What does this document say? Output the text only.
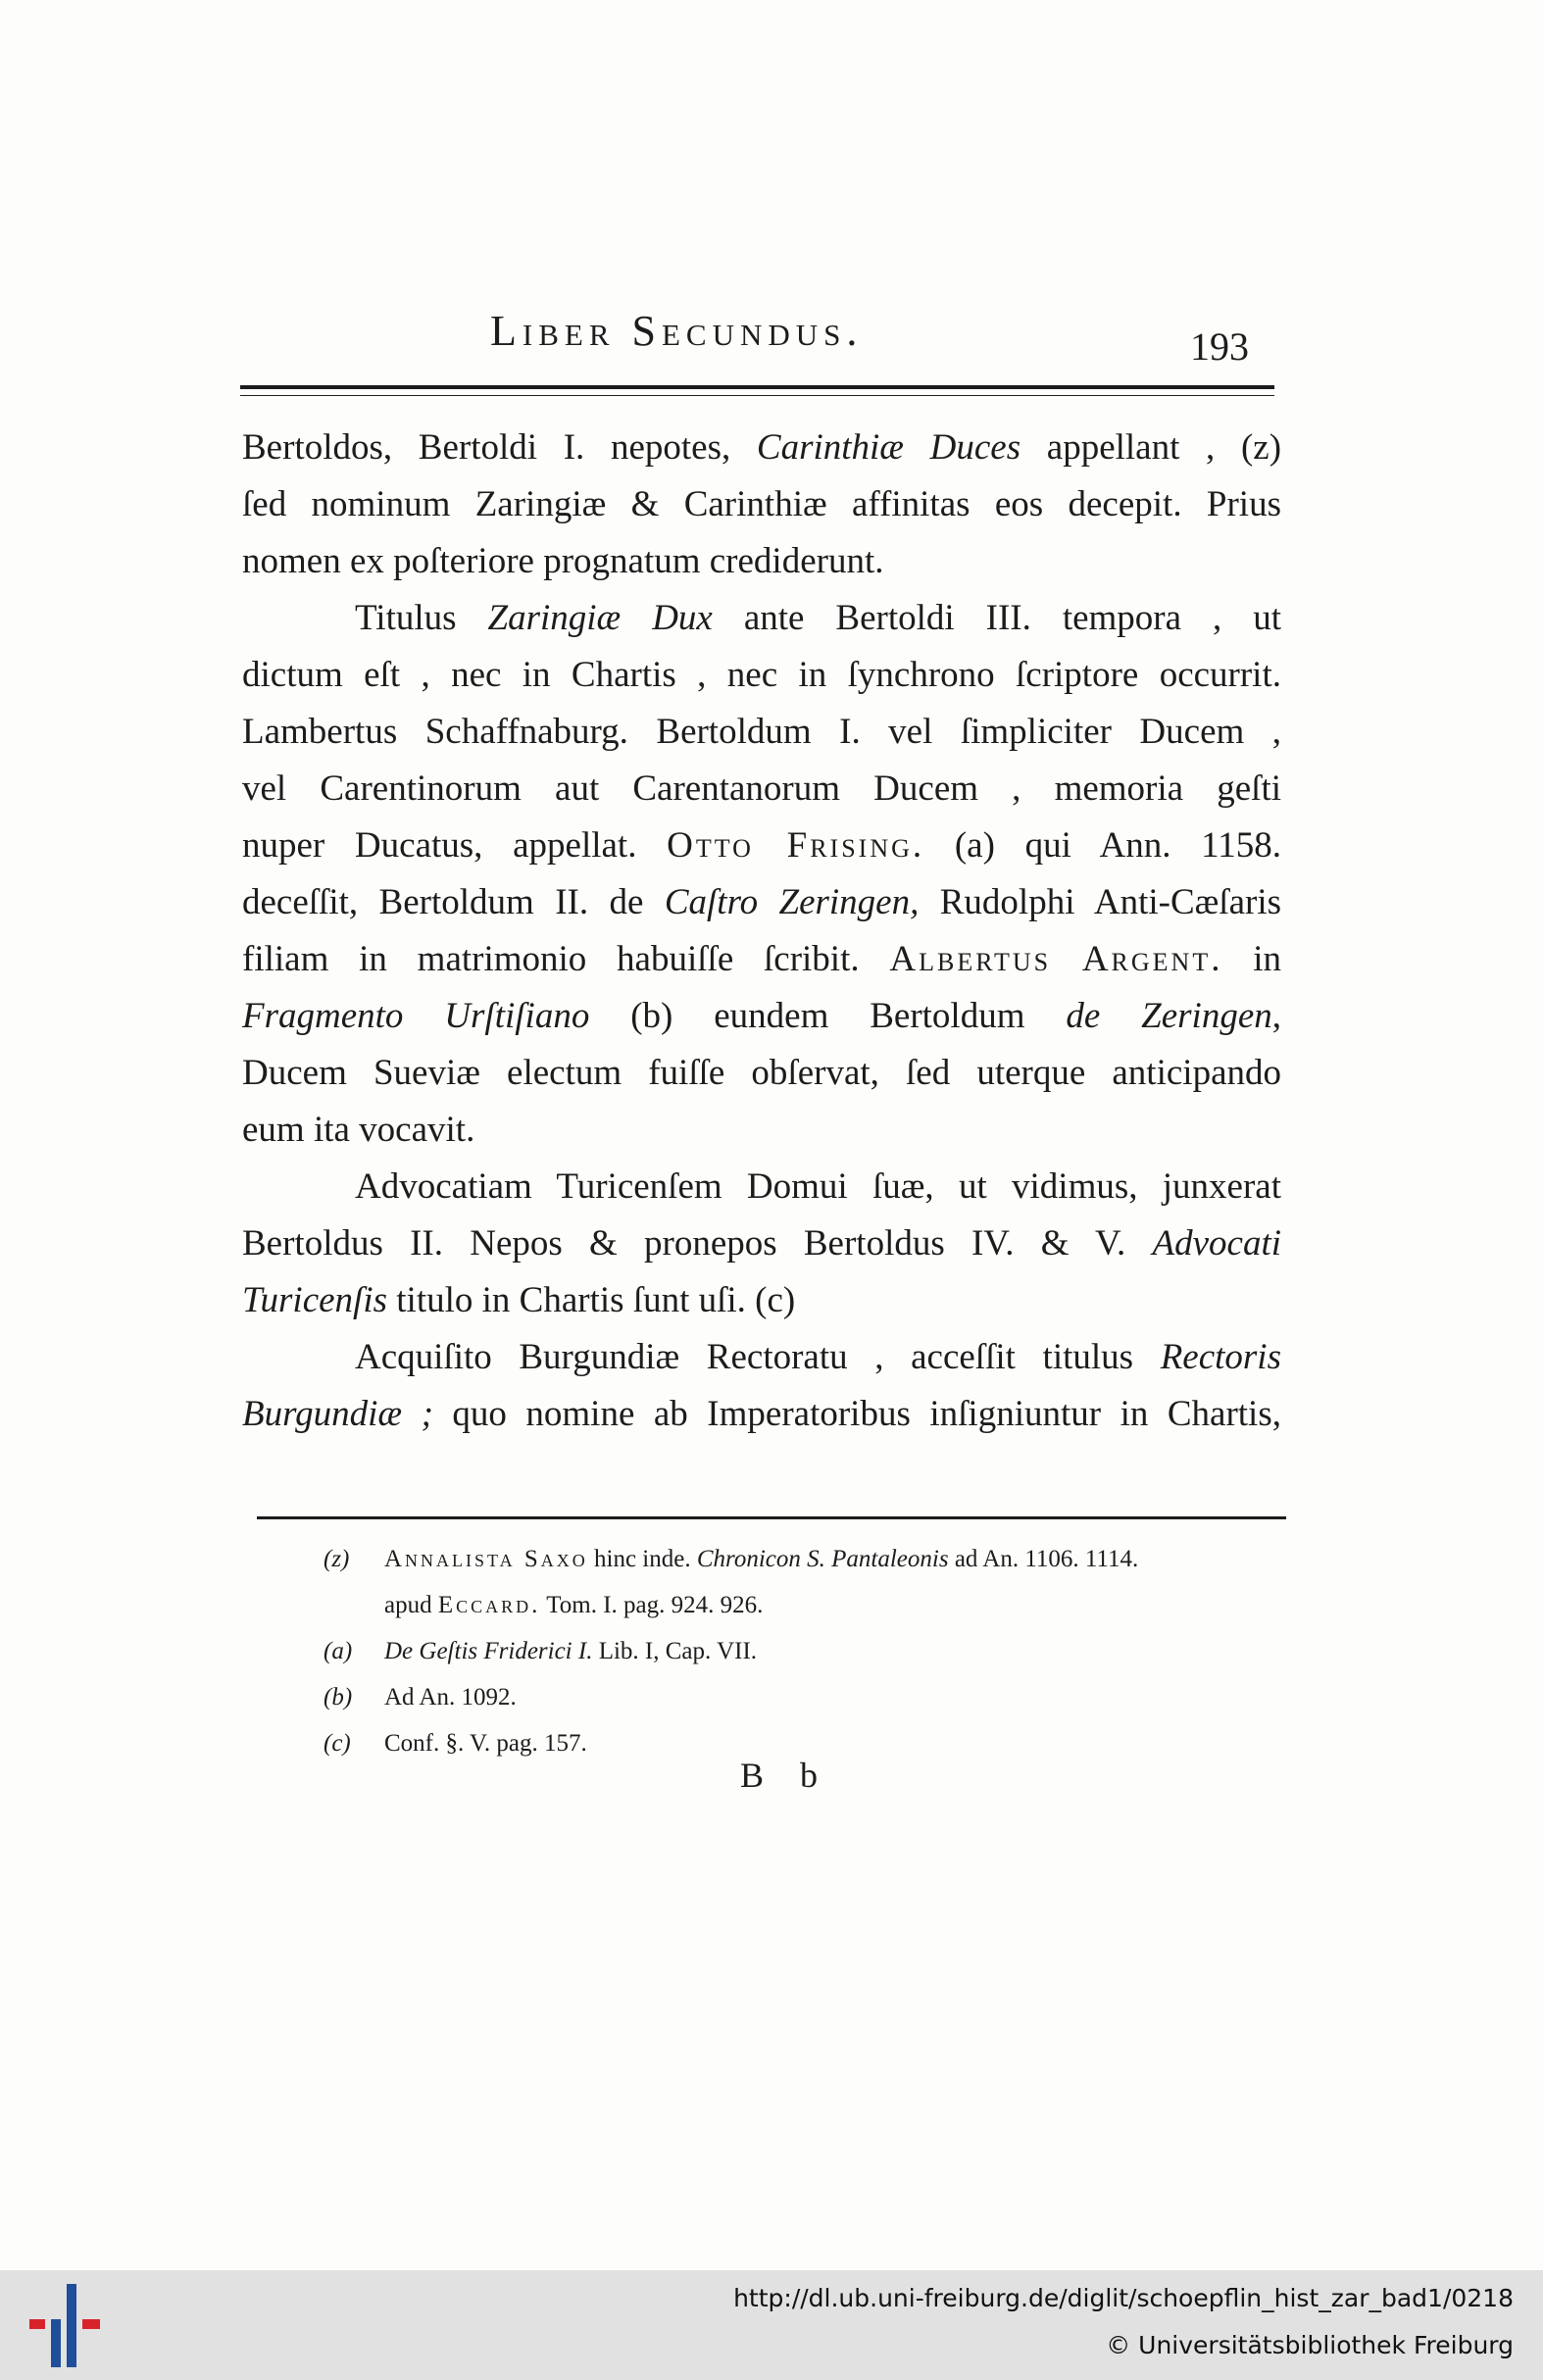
Liber Secundus.	193
Bertoldos, Bertoldi I. nepotes, Carinthiæ Duces appellant , (z)
ſed nominum Zaringiæ & Carinthiæ affinitas eos decepit. Prius
nomen ex poſteriore prognatum crediderunt.
Titulus Zaringiæ Dux ante Bertoldi III. tempora , ut
dictum eſt , nec in Chartis , nec in ſynchrono ſcriptore occurrit.
Lambertus Schaffnaburg. Bertoldum I. vel ſimpliciter Ducem ,
vel Carentinorum aut Carentanorum Ducem , memoria geſti
nuper Ducatus, appellat. Otto Frising. (a) qui Ann. 1158.
deceſſit, Bertoldum II. de Caſtro Zeringen, Rudolphi Anti-Cæſaris
filiam in matrimonio habuiſſe ſcribit. Albertus Argent. in
Fragmento Urſtiſiano (b) eundem Bertoldum de Zeringen,
Ducem Sueviæ electum fuiſſe obſervat, ſed uterque anticipando
eum ita vocavit.
Advocatiam Turicenſem Domui ſuæ, ut vidimus, junxerat
Bertoldus II. Nepos & pronepos Bertoldus IV. & V. Advocati
Turicenſis titulo in Chartis ſunt uſi. (c)
Acquiſito Burgundiæ Rectoratu , acceſſit titulus Rectoris
Burgundiæ ; quo nomine ab Imperatoribus inſigniuntur in Chartis,
(z) Annalista Saxo hinc inde. Chronicon S. Pantaleonis ad An. 1106. 1114.
apud Eccard. Tom. I. pag. 924. 926.
(a) De Geſtis Friderici I. Lib. I, Cap. VII.
(b) Ad An. 1092.
(c) Conf. §. V. pag. 157.
B b
http://dl.ub.uni-freiburg.de/diglit/schoepflin_hist_zar_bad1/0218
© Universitätsbibliothek Freiburg
